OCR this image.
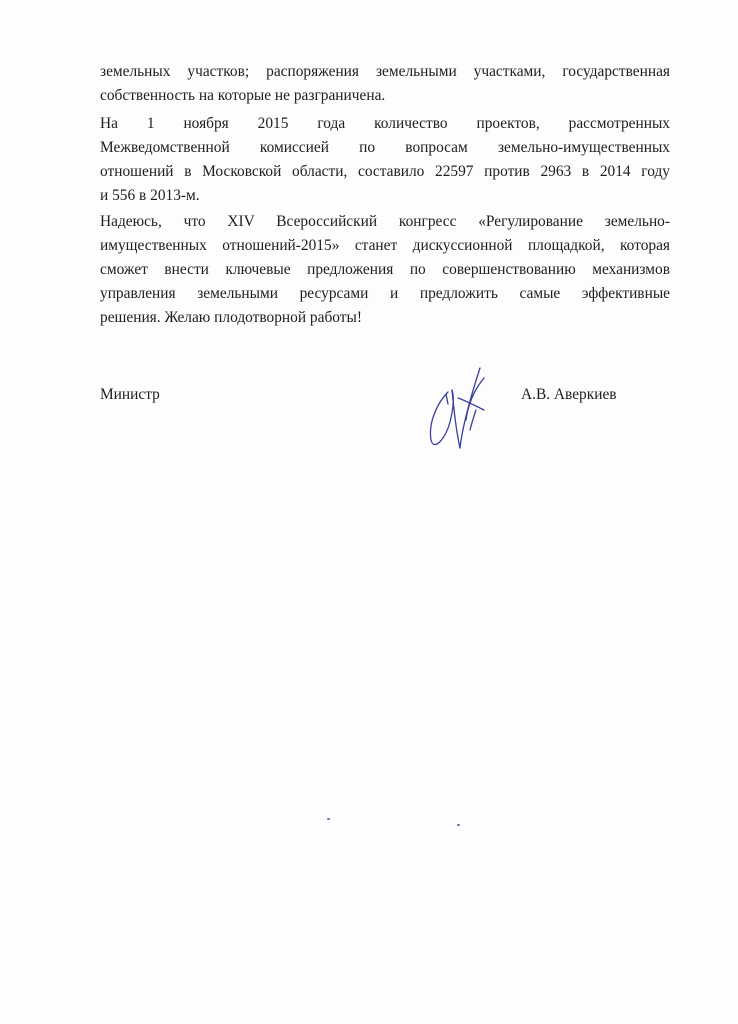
земельных участков; распоряжения земельными участками, государственная
собственность на которые не разграничена.
На 1 ноября 2015 года количество проектов, рассмотренных
Межведомственной комиссией по вопросам земельно-имущественных
отношений в Московской области, составило 22597 против 2963 в 2014 году
и 556 в 2013-м.
Надеюсь, что XIV Всероссийский конгресс «Регулирование земельно-
имущественных отношений-2015» станет дискуссионной площадкой, которая
сможет внести ключевые предложения по совершенствованию механизмов
управления земельными ресурсами и предложить самые эффективные
решения. Желаю плодотворной работы!
Министр	А.В. Аверкиев
